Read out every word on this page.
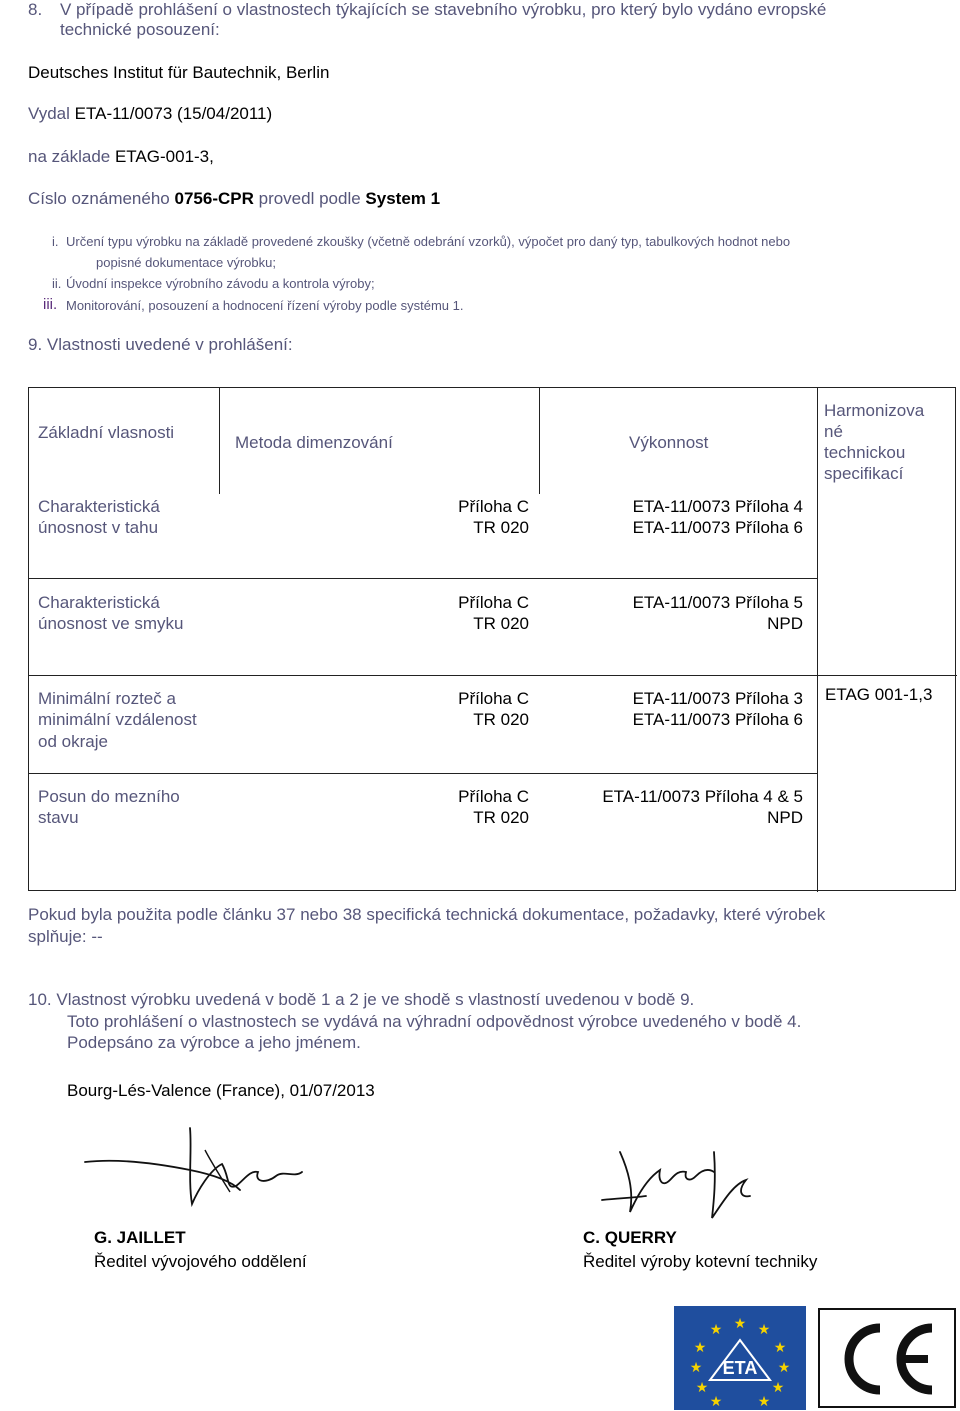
8. V případě prohlášení o vlastnostech týkajících se stavebního výrobku, pro který bylo vydáno evropské
technické posouzení:
Deutsches Institut für Bautechnik, Berlin
Vydal ETA-11/0073 (15/04/2011)
na základe ETAG-001-3,
Císlo oznámeného 0756-CPR provedl podle System 1
i. Určení typu výrobku na základě provedené zkoušky (včetně odebrání vzorků), výpočet pro daný typ, tabulkových hodnot nebo
popisné dokumentace výrobku;
ii. Úvodní inspekce výrobního závodu a kontrola výroby;
iii. Monitorování, posouzení a hodnocení řízení výroby podle systému 1.
9. Vlastnosti uvedené v prohlášení:
Základní vlasnosti
Metoda dimenzování	Výkonnost
Harmonizova
né
technickou
specifikací
Charakteristická
únosnost v tahu
Příloha C
TR 020
ETA-11/0073 Příloha 4
ETA-11/0073 Příloha 6
Charakteristická
únosnost ve smyku
Příloha C
TR 020
ETA-11/0073 Příloha 5
NPD
Minimální rozteč a
minimální vzdálenost
od okraje
Příloha C
TR 020
ETA-11/0073 Příloha 3
ETA-11/0073 Příloha 6
ETAG 001-1,3
Posun do mezního
stavu
Příloha C
TR 020
ETA-11/0073 Příloha 4 & 5
NPD
Pokud byla použita podle článku 37 nebo 38 specifická technická dokumentace, požadavky, které výrobek
splňuje: --
10. Vlastnost výrobku uvedená v bodě 1 a 2 je ve shodě s vlastností uvedenou v bodě 9.
Toto prohlášení o vlastnostech se vydává na výhradní odpovědnost výrobce uvedeného v bodě 4.
Podepsáno za výrobce a jeho jménem.
Bourg-Lés-Valence (France), 01/07/2013
G. JAILLET
Ředitel vývojového oddělení
C. QUERRY
Ředitel výroby kotevní techniky
★ ★
★
★
★
★
★
★
★
★
★
ETA
